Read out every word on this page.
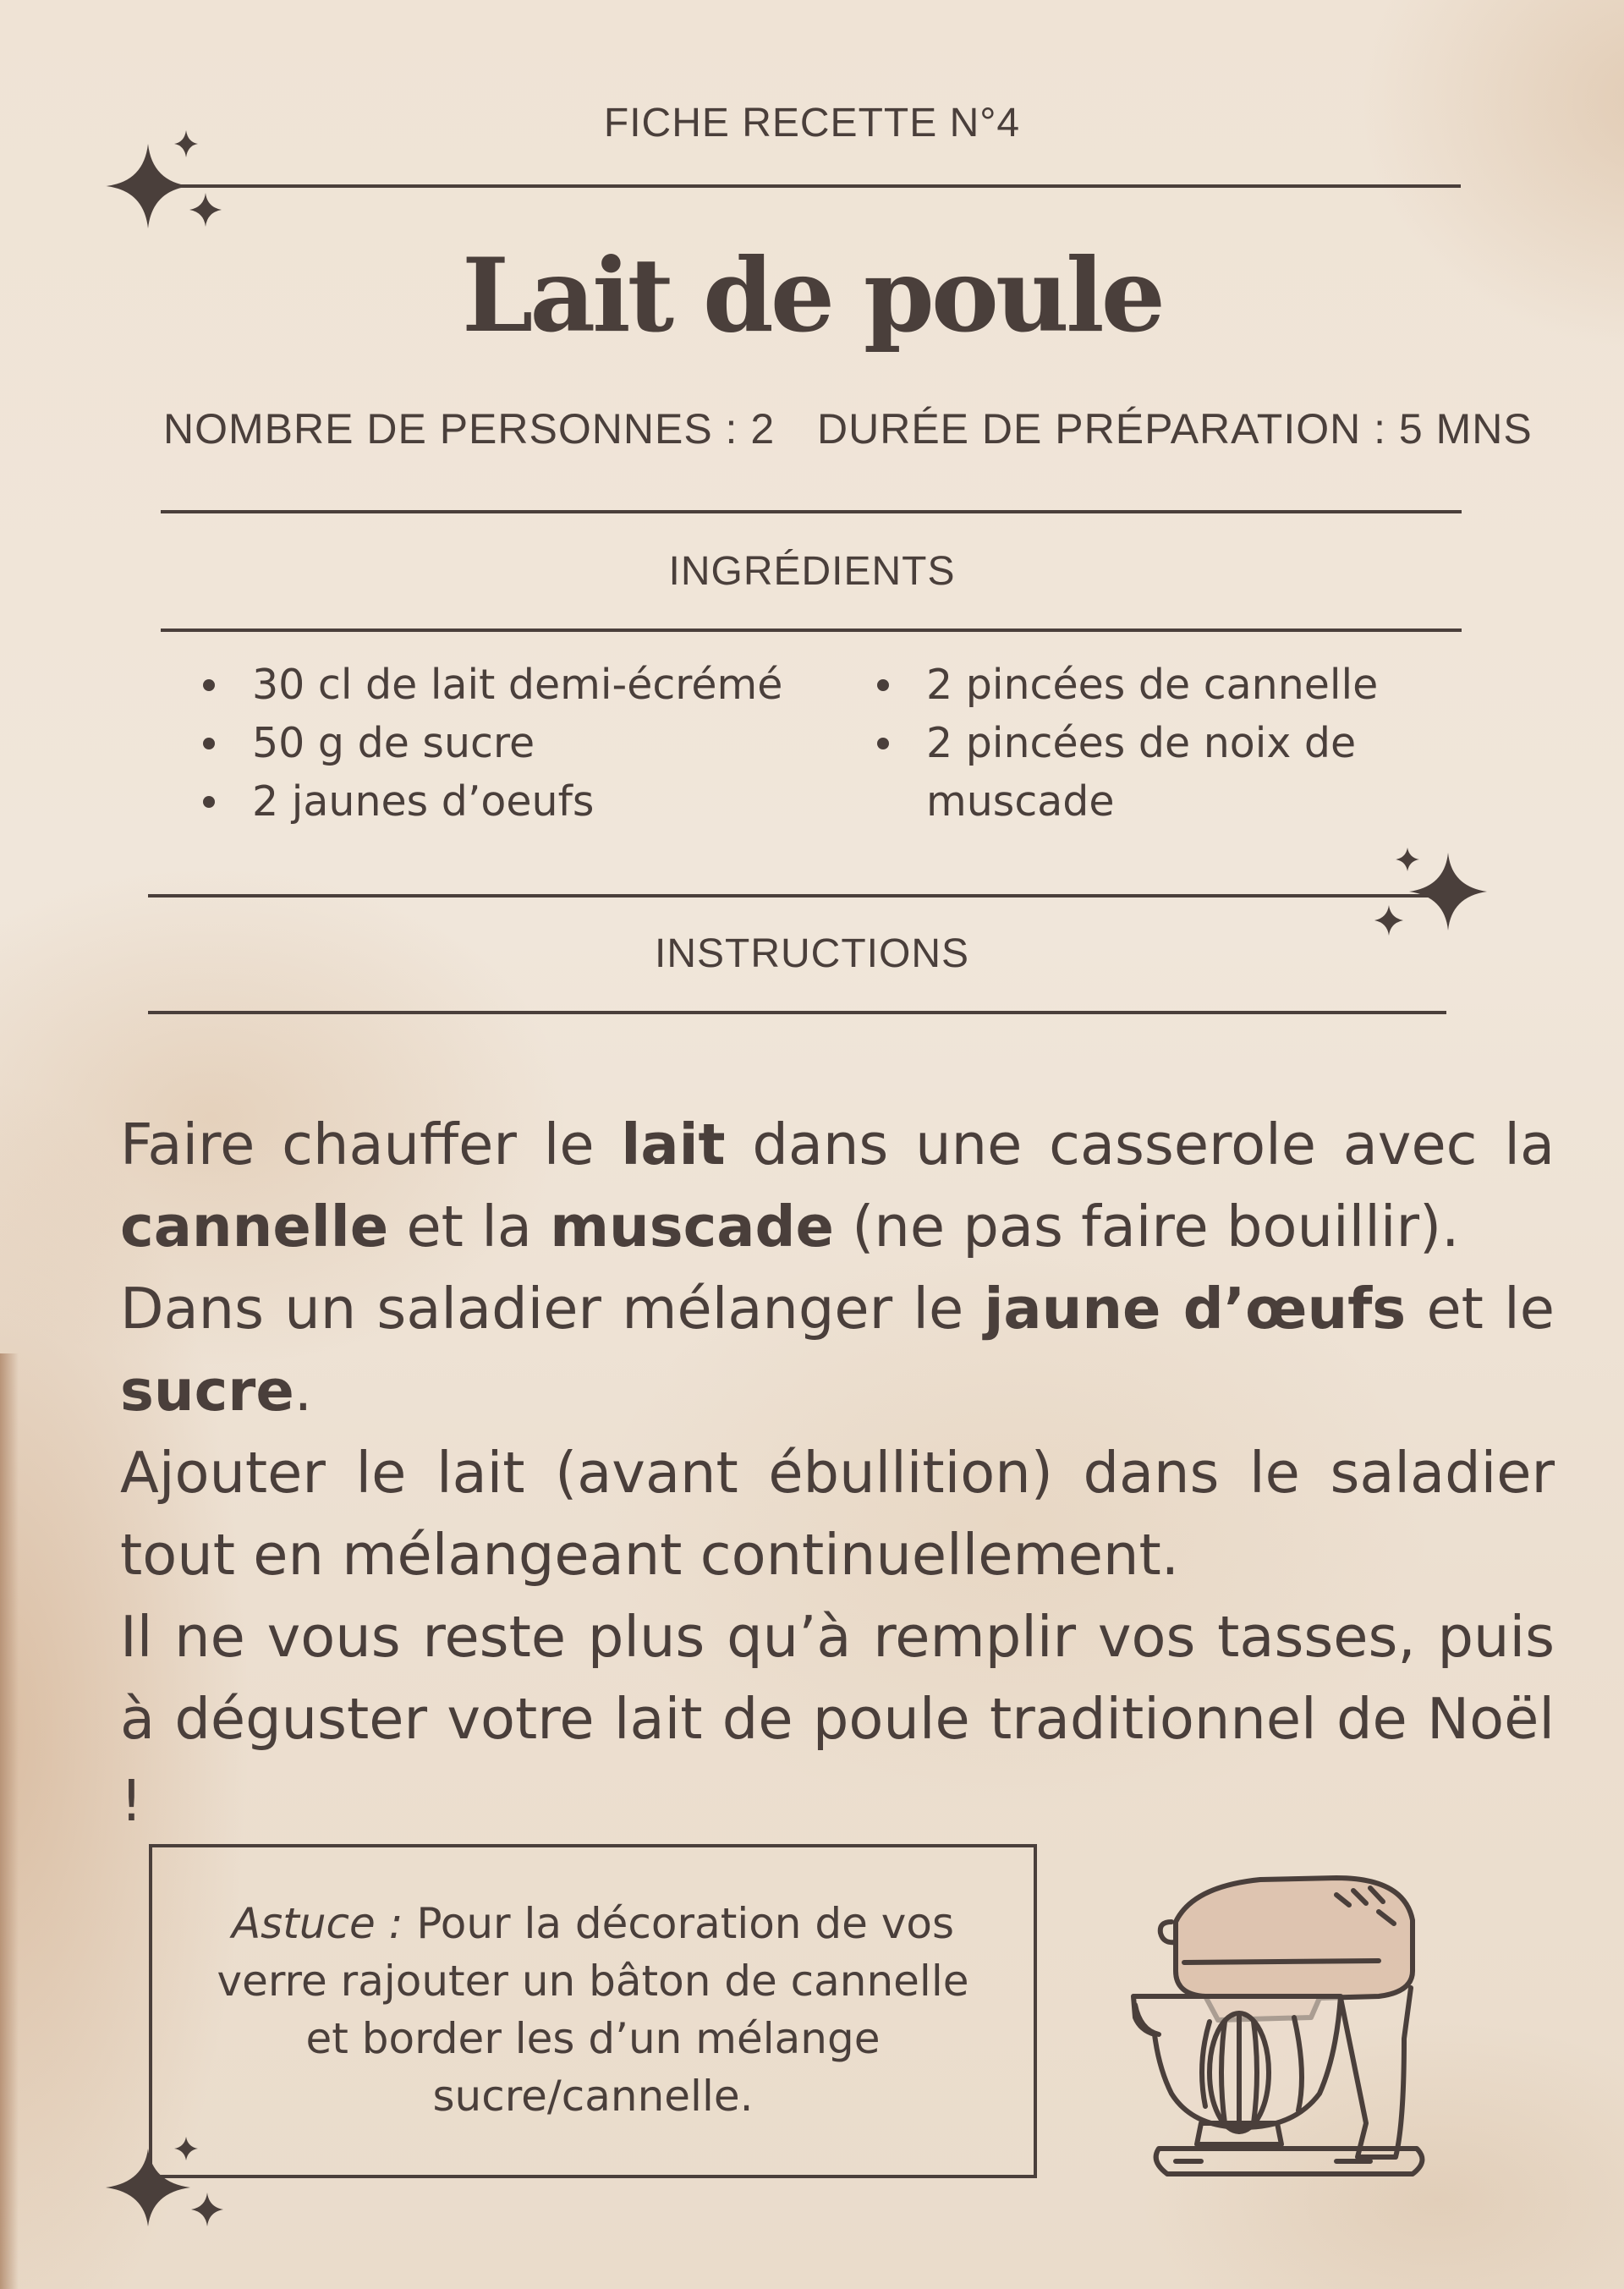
FICHE RECETTE N°4
Lait de poule
NOMBRE DE PERSONNES : 2 DURÉE DE PRÉPARATION : 5 MNS
INGRÉDIENTS
30 cl de lait demi-écrémé
50 g de sucre
2 jaunes d’oeufs
2 pincées de cannelle
2 pincées de noix de muscade
INSTRUCTIONS

Faire chauffer le lait dans une casserole avec la cannelle et la muscade (ne pas faire bouillir).

Dans un saladier mélanger le jaune d’œufs et le sucre.

Ajouter le lait (avant ébullition) dans le saladier tout en mélangeant continuellement.

Il ne vous reste plus qu’à remplir vos tasses, puis à déguster votre lait de poule traditionnel de Noël !

Astuce : Pour la décoration de vos verre rajouter un bâton de cannelle et border les d’un mélange sucre/cannelle.
